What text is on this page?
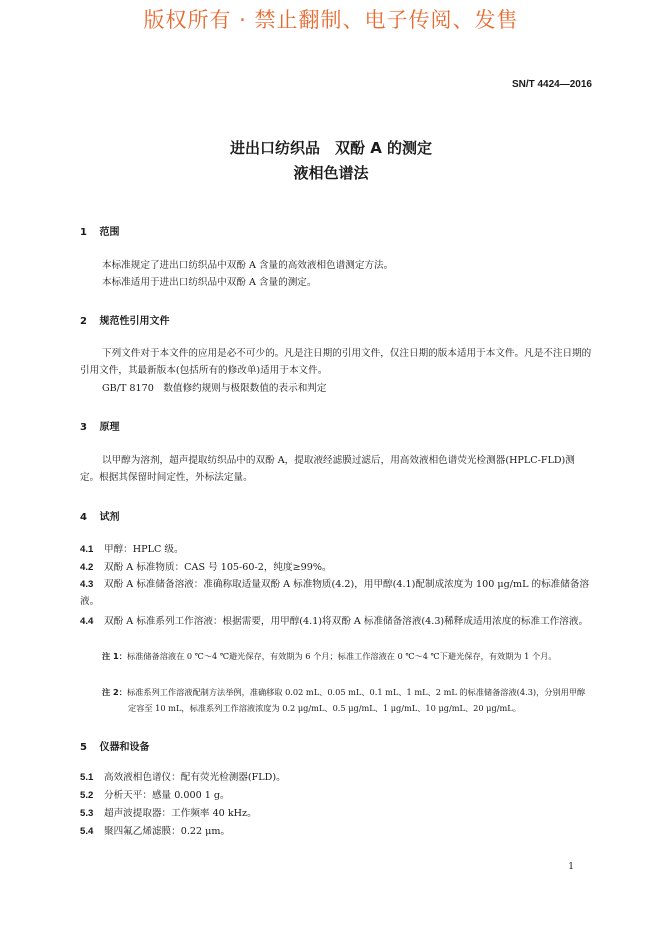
版权所有 · 禁止翻制、电子传阅、发售
SN/T 4424—2016
进出口纺织品　双酚 A 的测定
液相色谱法
1 范围
本标准规定了进出口纺织品中双酚 A 含量的高效液相色谱测定方法。
本标准适用于进出口纺织品中双酚 A 含量的测定。
2 规范性引用文件
下列文件对于本文件的应用是必不可少的。凡是注日期的引用文件，仅注日期的版本适用于本文件。凡是不注日期的引用文件，其最新版本(包括所有的修改单)适用于本文件。
GB/T 8170　数值修约规则与极限数值的表示和判定
3 原理
以甲醇为溶剂，超声提取纺织品中的双酚 A，提取液经滤膜过滤后，用高效液相色谱荧光检测器(HPLC-FLD)测定。根据其保留时间定性，外标法定量。
4 试剂
4.1 甲醇：HPLC 级。
4.2 双酚 A 标准物质：CAS 号 105-60-2，纯度≥99%。
4.3 双酚 A 标准储备溶液：准确称取适量双酚 A 标准物质(4.2)，用甲醇(4.1)配制成浓度为 100 μg/mL 的标准储备溶液。
4.4 双酚 A 标准系列工作溶液：根据需要，用甲醇(4.1)将双酚 A 标准储备溶液(4.3)稀释成适用浓度的标准工作溶液。
注 1：标准储备溶液在 0 ℃～4 ℃避光保存，有效期为 6 个月；标准工作溶液在 0 ℃～4 ℃下避光保存，有效期为 1 个月。
注 2：标准系列工作溶液配制方法举例，准确移取 0.02 mL、0.05 mL、0.1 mL、1 mL、2 mL 的标准储备溶液(4.3)，分别用甲醇定容至 10 mL，标准系列工作溶液浓度为 0.2 μg/mL、0.5 μg/mL、1 μg/mL、10 μg/mL、20 μg/mL。
5 仪器和设备
5.1 高效液相色谱仪：配有荧光检测器(FLD)。
5.2 分析天平：感量 0.000 1 g。
5.3 超声波提取器：工作频率 40 kHz。
5.4 聚四氟乙烯滤膜：0.22 μm。
1
